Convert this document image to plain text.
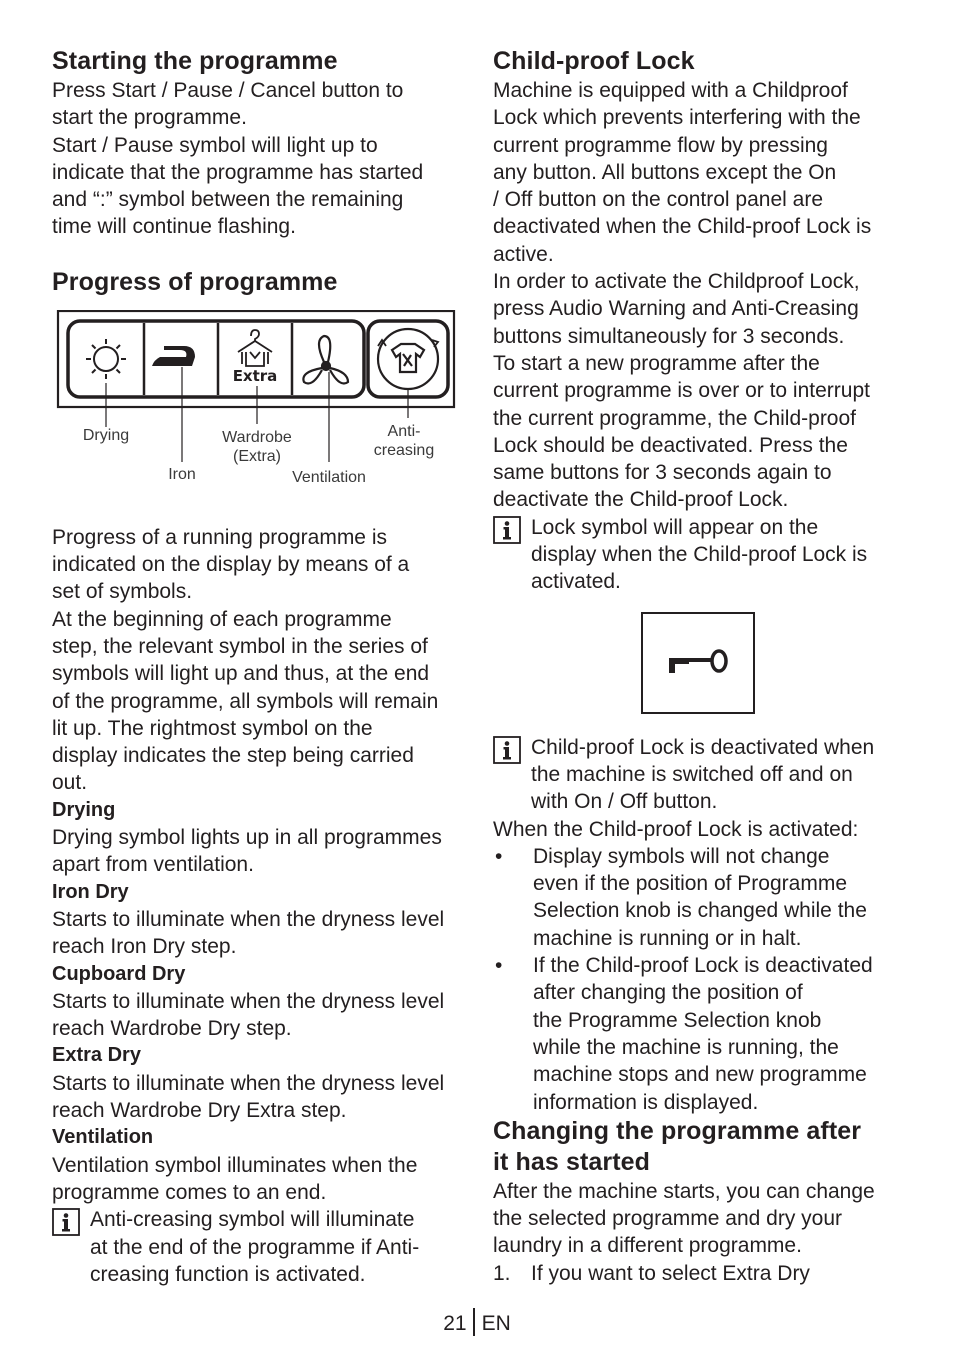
Starting the programme

Press Start / Pause / Cancel button to
start the programme.
Start / Pause symbol will light up to
indicate that the programme has started
and “:” symbol between the remaining
time will continue flashing.

Progress of programme
Extra
Drying
Iron
Wardrobe
(Extra)
Ventilation
Anti-
creasing

Progress of a running programme is
indicated on the display by means of a
set of symbols.
At the beginning of each programme
step, the relevant symbol in the series of
symbols will light up and thus, at the end
of the programme, all symbols will remain
lit up. The rightmost symbol on the
display indicates the step being carried
out.

Drying

Drying symbol lights up in all programmes
apart from ventilation.

Iron Dry

Starts to illuminate when the dryness level
reach Iron Dry step.

Cupboard Dry

Starts to illuminate when the dryness level
reach Wardrobe Dry step.

Extra Dry

Starts to illuminate when the dryness level
reach Wardrobe Dry Extra step.

Ventilation

Ventilation symbol illuminates when the
programme comes to an end.

Anti-creasing symbol will illuminate
at the end of the programme if Anti-
creasing function is activated.

Child-proof Lock

Machine is equipped with a Childproof
Lock which prevents interfering with the
current programme flow by pressing
any button. All buttons except the On
/ Off button on the control panel are
deactivated when the Child-proof Lock is
active.
In order to activate the Childproof Lock,
press Audio Warning and Anti-Creasing
buttons simultaneously for 3 seconds.
To start a new programme after the
current programme is over or to interrupt
the current programme, the Child-proof
Lock should be deactivated. Press the
same buttons for 3 seconds again to
deactivate the Child-proof Lock.

Lock symbol will appear on the
display when the Child-proof Lock is
activated.

Child-proof Lock is deactivated when
the machine is switched off and on
with On / Off button.

When the Child-proof Lock is activated:

•	Display symbols will not change
even if the position of Programme
Selection knob is changed while the
machine is running or in halt.
•	If the Child-proof Lock is deactivated
after changing the position of
the Programme Selection knob
while the machine is running, the
machine stops and new programme
information is displayed.
Changing the programme after
it has started

After the machine starts, you can change
the selected programme and dry your
laundry in a different programme.

1. If you want to select Extra Dry
21 EN
